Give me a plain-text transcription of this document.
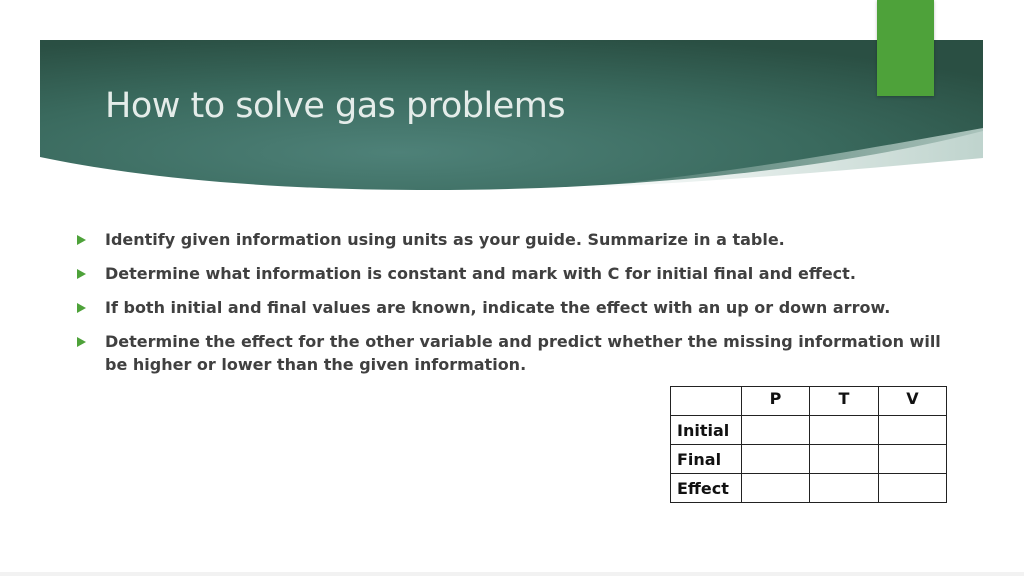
How to solve gas problems
Identify given information using units as your guide. Summarize in a table.
Determine what information is constant and mark with C for initial final and effect.
If both initial and final values are known, indicate the effect with an up or down arrow.
Determine the effect for the other variable and predict whether the missing information will be higher or lower than the given information.
	P	T	V
Initial			
Final			
Effect			
